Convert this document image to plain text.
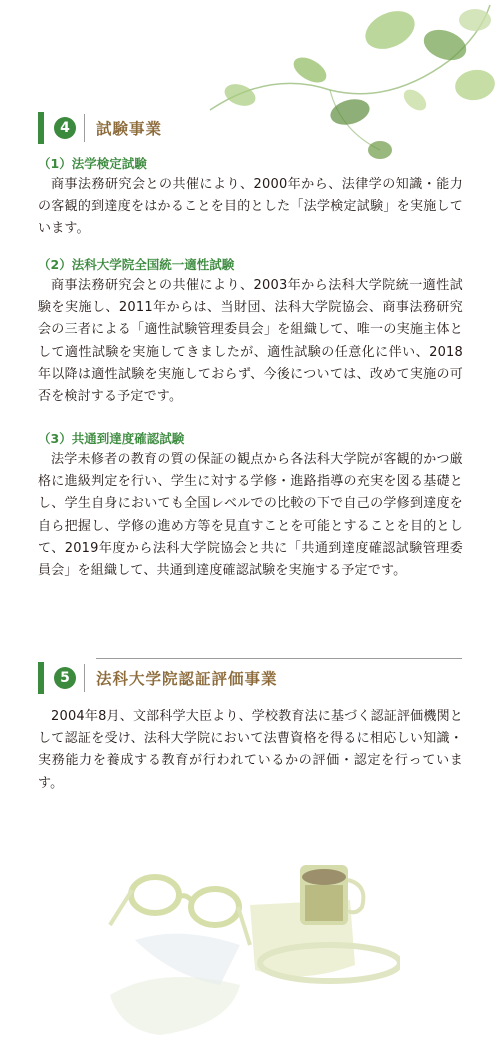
4	試験事業
（1）法学検定試験
商事法務研究会との共催により、2000年から、法律学の知識・能力の客観的到達度をはかることを目的とした「法学検定試験」を実施しています。
（2）法科大学院全国統一適性試験
商事法務研究会との共催により、2003年から法科大学院統一適性試験を実施し、2011年からは、当財団、法科大学院協会、商事法務研究会の三者による「適性試験管理委員会」を組織して、唯一の実施主体として適性試験を実施してきましたが、適性試験の任意化に伴い、2018年以降は適性試験を実施しておらず、今後については、改めて実施の可否を検討する予定です。
（3）共通到達度確認試験
法学未修者の教育の質の保証の観点から各法科大学院が客観的かつ厳格に進級判定を行い、学生に対する学修・進路指導の充実を図る基礎とし、学生自身においても全国レベルでの比較の下で自己の学修到達度を自ら把握し、学修の進め方等を見直すことを可能とすることを目的として、2019年度から法科大学院協会と共に「共通到達度確認試験管理委員会」を組織して、共通到達度確認試験を実施する予定です。
5	法科大学院認証評価事業
2004年8月、文部科学大臣より、学校教育法に基づく認証評価機関として認証を受け、法科大学院において法曹資格を得るに相応しい知識・実務能力を養成する教育が行われているかの評価・認定を行っています。
